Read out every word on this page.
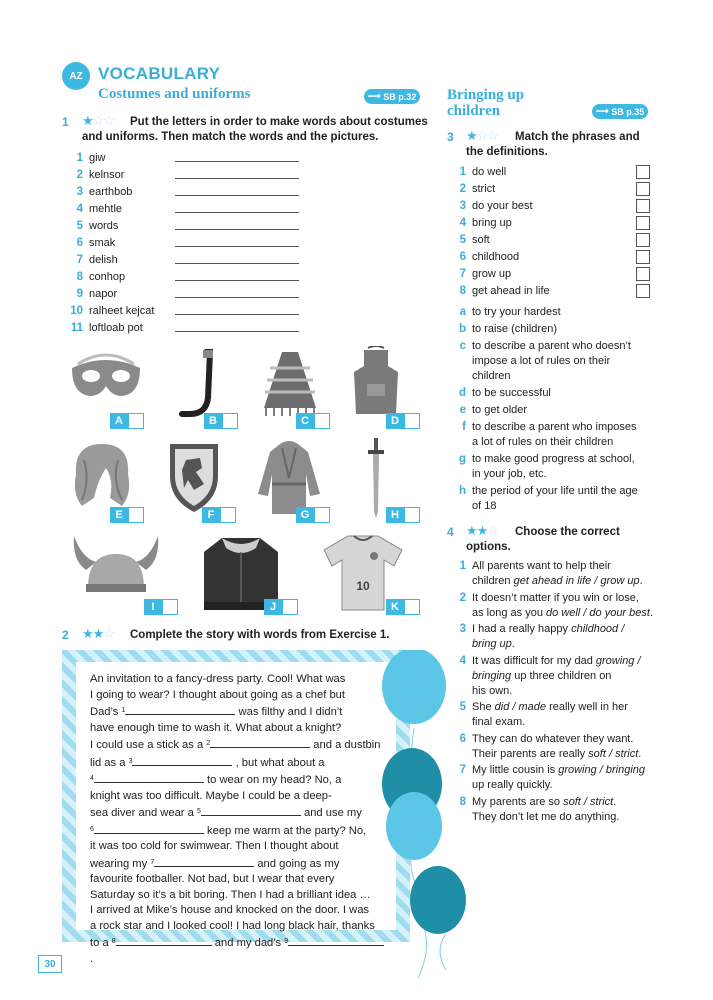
AZ VOCABULARY
Costumes and uniforms	⟶ SB p.32
1 ★☆☆ Put the letters in order to make words about costumes
and uniforms. Then match the words and the pictures.
1 giw
2 kelnsor
3 earthbob
4 mehtle
5 words
6 smak
7 delish
8 conhop
9 napor
10 ralheet kejcat
11 loftloab pot
A	B	C	D
E	F	G	H
I	J
10
K
2 ★★☆ Complete the story with words from Exercise 1.
An invitation to a fancy-dress party. Cool! What was
I going to wear? I thought about going as a chef but
Dad’s $^1$	was filthy and I didn’t
have enough time to wash it. What about a knight?
I could use a stick as a $^2$	and a dustbin
lid as a $^3$	, but what about a
$^4$	to wear on my head? No, a
knight was too difficult. Maybe I could be a deep-
sea diver and wear a $^5$	and use my
$^6$	keep me warm at the party? No,
it was too cold for swimwear. Then I thought about
wearing my $^7$	and going as my
favourite footballer. Not bad, but I wear that every
Saturday so it’s a bit boring. Then I had a brilliant idea …
I arrived at Mike’s house and knocked on the door. I was
a rock star and I looked cool! I had long black hair, thanks
to a $^8$	and my dad’s $^9$ .
Bringing up
children	⟶ SB p.35
3 ★☆☆ Match the phrases and
the definitions.
1 do well
2 strict
3 do your best
4 bring up
5 soft
6 childhood
7 grow up
8 get ahead in life
a to try your hardest
b to raise (children)
c to describe a parent who doesn’t
impose a lot of rules on their
children
d to be successful
e to get older
f to describe a parent who imposes
a lot of rules on their children
g to make good progress at school,
in your job, etc.
h the period of your life until the age
of 18
4 ★★☆ Choose the correct
options.
1 All parents want to help their
children get ahead in life / grow up.
2 It doesn’t matter if you win or lose,
as long as you do well / do your best.
3 I had a really happy childhood /
bring up.
4 It was difficult for my dad growing /
bringing up three children on
his own.
5 She did / made really well in her
final exam.
6 They can do whatever they want.
Their parents are really soft / strict.
7 My little cousin is growing / bringing
up really quickly.
8 My parents are so soft / strict.
They don’t let me do anything.
30
